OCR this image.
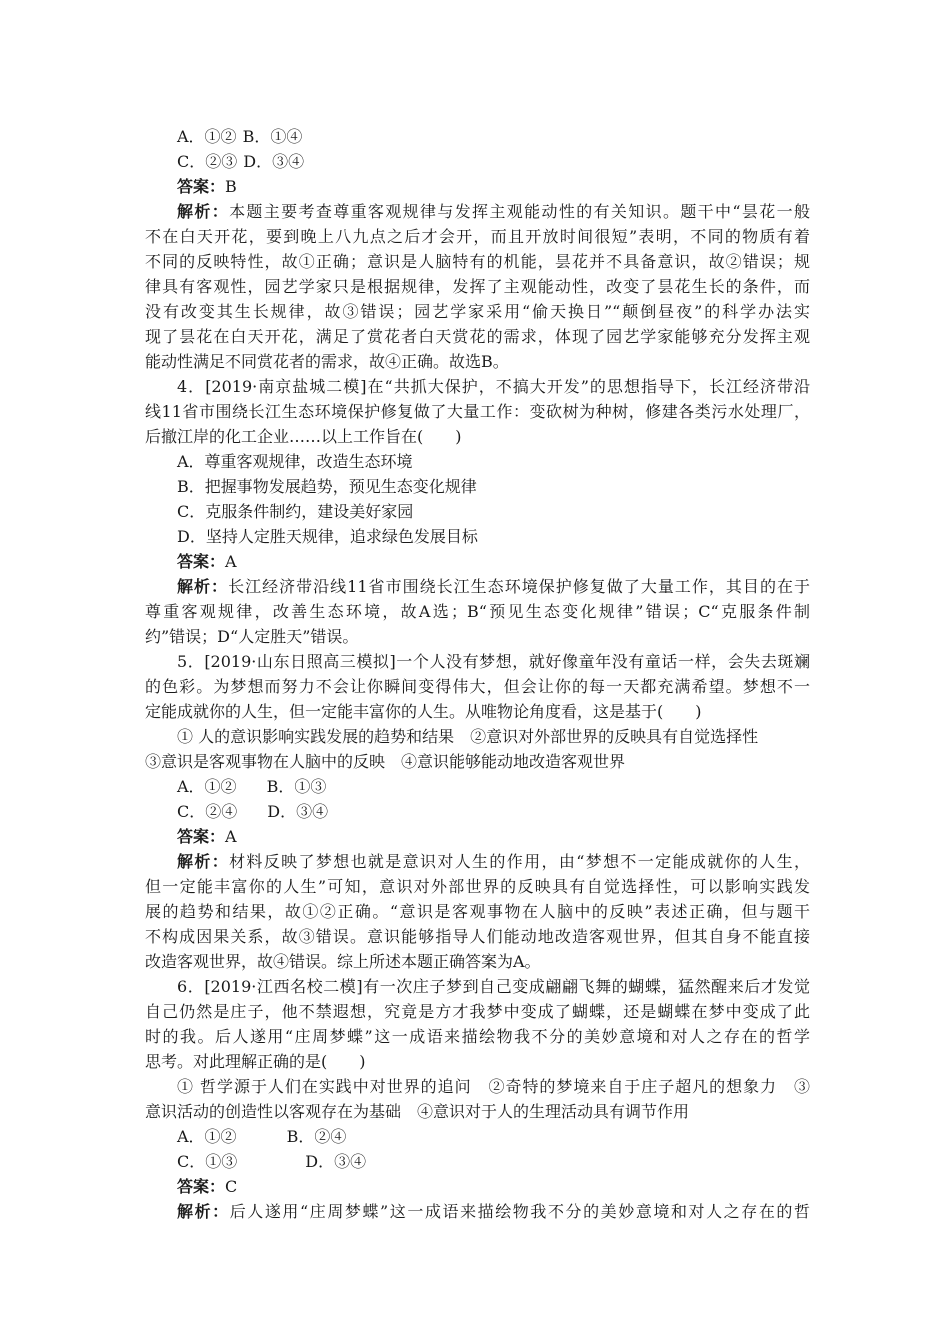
A．①② B．①④
C．②③ D．③④
答案：B
解析：本题主要考查尊重客观规律与发挥主观能动性的有关知识。题干中“昙花一般
不在白天开花，要到晚上八九点之后才会开，而且开放时间很短”表明，不同的物质有着
不同的反映特性，故①正确；意识是人脑特有的机能，昙花并不具备意识，故②错误；规
律具有客观性，园艺学家只是根据规律，发挥了主观能动性，改变了昙花生长的条件，而
没有改变其生长规律，故③错误；园艺学家采用“偷天换日”“颠倒昼夜”的科学办法实
现了昙花在白天开花，满足了赏花者白天赏花的需求，体现了园艺学家能够充分发挥主观
能动性满足不同赏花者的需求，故④正确。故选B。
4．[2019·南京盐城二模]在“共抓大保护，不搞大开发”的思想指导下，长江经济带沿
线11省市围绕长江生态环境保护修复做了大量工作：变砍树为种树，修建各类污水处理厂，
后撤江岸的化工企业……以上工作旨在(　　)
A．尊重客观规律，改造生态环境
B．把握事物发展趋势，预见生态变化规律
C．克服条件制约，建设美好家园
D．坚持人定胜天规律，追求绿色发展目标
答案：A
解析：长江经济带沿线11省市围绕长江生态环境保护修复做了大量工作，其目的在于
尊重客观规律，改善生态环境，故A选；B“预见生态变化规律”错误；C“克服条件制
约”错误；D“人定胜天”错误。
5．[2019·山东日照高三模拟]一个人没有梦想，就好像童年没有童话一样，会失去斑斓
的色彩。为梦想而努力不会让你瞬间变得伟大，但会让你的每一天都充满希望。梦想不一
定能成就你的人生，但一定能丰富你的人生。从唯物论角度看，这是基于(　　)
① 人的意识影响实践发展的趋势和结果　②意识对外部世界的反映具有自觉选择性
③意识是客观事物在人脑中的反映　④意识能够能动地改造客观世界
A．①② B．①③
C．②④ D．③④
答案：A
解析：材料反映了梦想也就是意识对人生的作用，由“梦想不一定能成就你的人生，
但一定能丰富你的人生”可知，意识对外部世界的反映具有自觉选择性，可以影响实践发
展的趋势和结果，故①②正确。“意识是客观事物在人脑中的反映”表述正确，但与题干
不构成因果关系，故③错误。意识能够指导人们能动地改造客观世界，但其自身不能直接
改造客观世界，故④错误。综上所述本题正确答案为A。
6．[2019·江西名校二模]有一次庄子梦到自己变成翩翩飞舞的蝴蝶，猛然醒来后才发觉
自己仍然是庄子，他不禁遐想，究竟是方才我梦中变成了蝴蝶，还是蝴蝶在梦中变成了此
时的我。后人遂用“庄周梦蝶”这一成语来描绘物我不分的美妙意境和对人之存在的哲学
思考。对此理解正确的是(　　)
① 哲学源于人们在实践中对世界的追问　②奇特的梦境来自于庄子超凡的想象力　③
意识活动的创造性以客观存在为基础　④意识对于人的生理活动具有调节作用
A．①②	B．②④
C．①③	D．③④
答案：C
解析：后人遂用“庄周梦蝶”这一成语来描绘物我不分的美妙意境和对人之存在的哲
